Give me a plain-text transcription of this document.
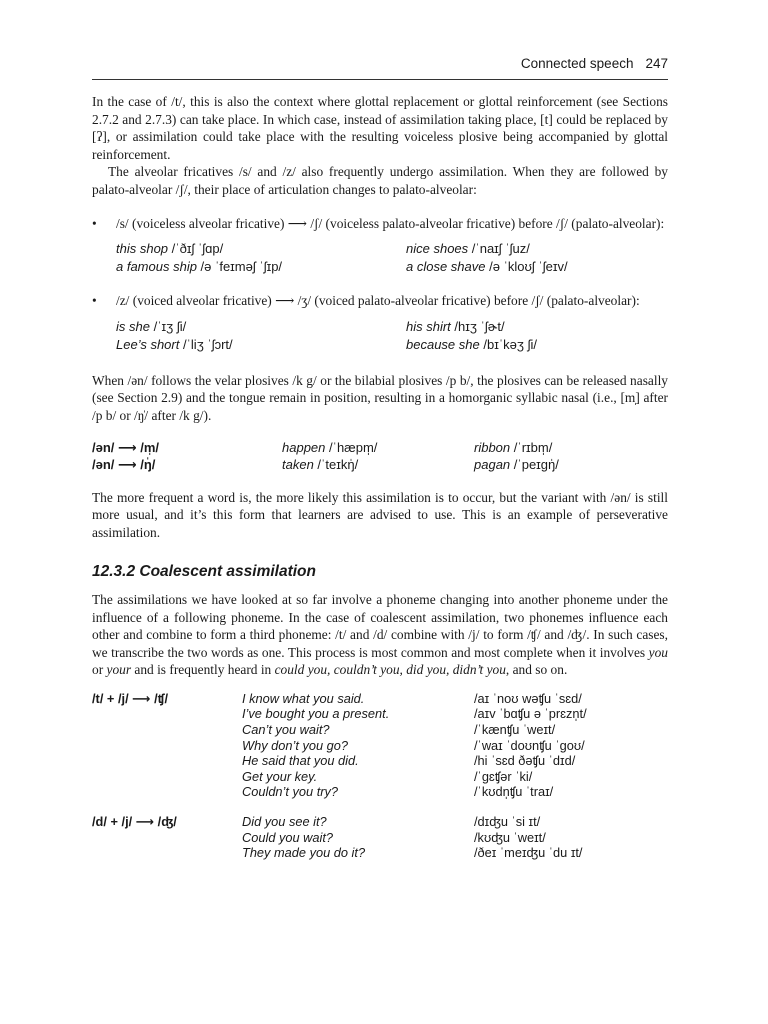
Connected speech 247

In the case of /t/, this is also the context where glottal replacement or glottal reinforcement (see Sections 2.7.2 and 2.7.3) can take place. In which case, instead of assimilation taking place, [t] could be replaced by [ʔ], or assimilation could take place with the resulting voiceless plosive being accompanied by glottal reinforcement.

The alveolar fricatives /s/ and /z/ also frequently undergo assimilation. When they are followed by palato-alveolar /ʃ/, their place of articulation changes to palato-alveolar:

•	/s/ (voiceless alveolar fricative) ⟶ /ʃ/ (voiceless palato-alveolar fricative) before /ʃ/ (palato-alveolar):
this shop /ˈðɪʃ ˈʃɑp/	nice shoes /ˈnaɪʃ ˈʃuz/
a famous ship /ə ˈfeɪməʃ ˈʃɪp/	a close shave /ə ˈkloʊʃ ˈʃeɪv/
•	/z/ (voiced alveolar fricative) ⟶ /ʒ/ (voiced palato-alveolar fricative) before /ʃ/ (palato-alveolar):
is she /ˈɪʒ ʃi/	his shirt /hɪʒ ˈʃɚt/
Lee’s short /ˈliʒ ˈʃɔrt/	because she /bɪˈkəʒ ʃi/

When /ən/ follows the velar plosives /k g/ or the bilabial plosives /p b/, the plosives can be released nasally (see Section 2.9) and the tongue remain in position, resulting in a homorganic syllabic nasal (i.e., [m̩] after /p b/ or /ŋ̍/ after /k g/).

/ən/ ⟶ /m̩/	happen /ˈhæpm̩/	ribbon /ˈrɪbm̩/
/ən/ ⟶ /ŋ̍/	taken /ˈteɪkŋ̍/	pagan /ˈpeɪgŋ̍/

The more frequent a word is, the more likely this assimilation is to occur, but the variant with /ən/ is still more usual, and it’s this form that learners are advised to use. This is an example of perseverative assimilation.

12.3.2 Coalescent assimilation

The assimilations we have looked at so far involve a phoneme changing into another phoneme under the influence of a following phoneme. In the case of coalescent assimilation, two phonemes influence each other and combine to form a third phoneme: /t/ and /d/ combine with /j/ to form /ʧ/ and /ʤ/. In such cases, we transcribe the two words as one. This process is most common and most complete when it involves you or your and is frequently heard in could you, couldn’t you, did you, didn’t you, and so on.

/t/ + /j/ ⟶ /ʧ/	I know what you said.	/aɪ ˈnoʊ wəʧu ˈsɛd/
I’ve bought you a present.	/aɪv ˈbɑʧu ə ˈprɛzn̩t/
Can’t you wait?	/ˈkænʧu ˈweɪt/
Why don’t you go?	/ˈwaɪ ˈdoʊnʧu ˈgoʊ/
He said that you did.	/hi ˈsɛd ðəʧu ˈdɪd/
Get your key.	/ˈgɛʧər ˈki/
Couldn’t you try?	/ˈkʊdn̩ʧu ˈtraɪ/
/d/ + /j/ ⟶ /ʤ/	Did you see it?	/dɪʤu ˈsi ɪt/
Could you wait?	/kʊʤu ˈweɪt/
They made you do it?	/ðeɪ ˈmeɪʤu ˈdu ɪt/
